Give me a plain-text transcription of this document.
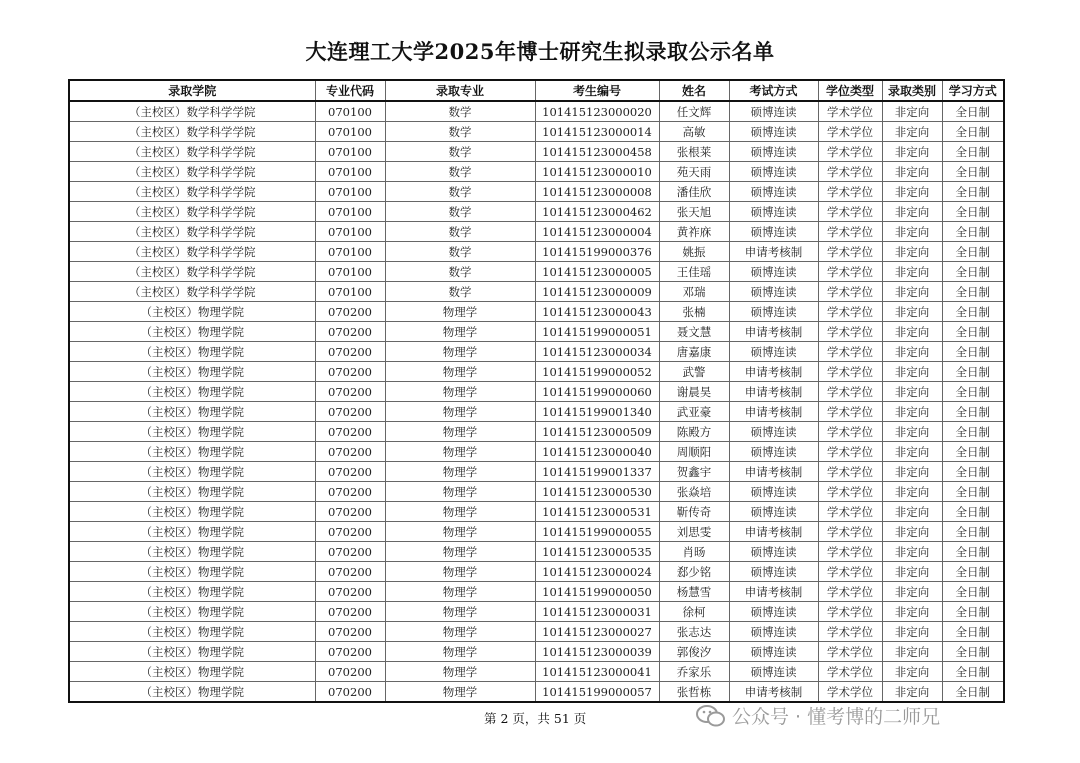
大连理工大学2025年博士研究生拟录取公示名单
录取学院	专业代码	录取专业	考生编号	姓名	考试方式	学位类型	录取类别	学习方式
（主校区）数学科学学院	070100	数学	101415123000020	任文辉	硕博连读	学术学位	非定向	全日制
（主校区）数学科学学院	070100	数学	101415123000014	高敏	硕博连读	学术学位	非定向	全日制
（主校区）数学科学学院	070100	数学	101415123000458	张根莱	硕博连读	学术学位	非定向	全日制
（主校区）数学科学学院	070100	数学	101415123000010	苑天雨	硕博连读	学术学位	非定向	全日制
（主校区）数学科学学院	070100	数学	101415123000008	潘佳欣	硕博连读	学术学位	非定向	全日制
（主校区）数学科学学院	070100	数学	101415123000462	张天旭	硕博连读	学术学位	非定向	全日制
（主校区）数学科学学院	070100	数学	101415123000004	黄祚庥	硕博连读	学术学位	非定向	全日制
（主校区）数学科学学院	070100	数学	101415199000376	姚振	申请考核制	学术学位	非定向	全日制
（主校区）数学科学学院	070100	数学	101415123000005	王佳瑶	硕博连读	学术学位	非定向	全日制
（主校区）数学科学学院	070100	数学	101415123000009	邓瑞	硕博连读	学术学位	非定向	全日制
（主校区）物理学院	070200	物理学	101415123000043	张楠	硕博连读	学术学位	非定向	全日制
（主校区）物理学院	070200	物理学	101415199000051	聂文慧	申请考核制	学术学位	非定向	全日制
（主校区）物理学院	070200	物理学	101415123000034	唐嘉康	硕博连读	学术学位	非定向	全日制
（主校区）物理学院	070200	物理学	101415199000052	武警	申请考核制	学术学位	非定向	全日制
（主校区）物理学院	070200	物理学	101415199000060	谢晨昊	申请考核制	学术学位	非定向	全日制
（主校区）物理学院	070200	物理学	101415199001340	武亚豪	申请考核制	学术学位	非定向	全日制
（主校区）物理学院	070200	物理学	101415123000509	陈殿方	硕博连读	学术学位	非定向	全日制
（主校区）物理学院	070200	物理学	101415123000040	周顺阳	硕博连读	学术学位	非定向	全日制
（主校区）物理学院	070200	物理学	101415199001337	贺鑫宇	申请考核制	学术学位	非定向	全日制
（主校区）物理学院	070200	物理学	101415123000530	张焱培	硕博连读	学术学位	非定向	全日制
（主校区）物理学院	070200	物理学	101415123000531	靳传奇	硕博连读	学术学位	非定向	全日制
（主校区）物理学院	070200	物理学	101415199000055	刘思雯	申请考核制	学术学位	非定向	全日制
（主校区）物理学院	070200	物理学	101415123000535	肖旸	硕博连读	学术学位	非定向	全日制
（主校区）物理学院	070200	物理学	101415123000024	郄少铭	硕博连读	学术学位	非定向	全日制
（主校区）物理学院	070200	物理学	101415199000050	杨慧雪	申请考核制	学术学位	非定向	全日制
（主校区）物理学院	070200	物理学	101415123000031	徐柯	硕博连读	学术学位	非定向	全日制
（主校区）物理学院	070200	物理学	101415123000027	张志达	硕博连读	学术学位	非定向	全日制
（主校区）物理学院	070200	物理学	101415123000039	郭俊汐	硕博连读	学术学位	非定向	全日制
（主校区）物理学院	070200	物理学	101415123000041	乔家乐	硕博连读	学术学位	非定向	全日制
（主校区）物理学院	070200	物理学	101415199000057	张哲栋	申请考核制	学术学位	非定向	全日制
第 2 页，共 51 页	公众号 · 懂考博的二师兄
